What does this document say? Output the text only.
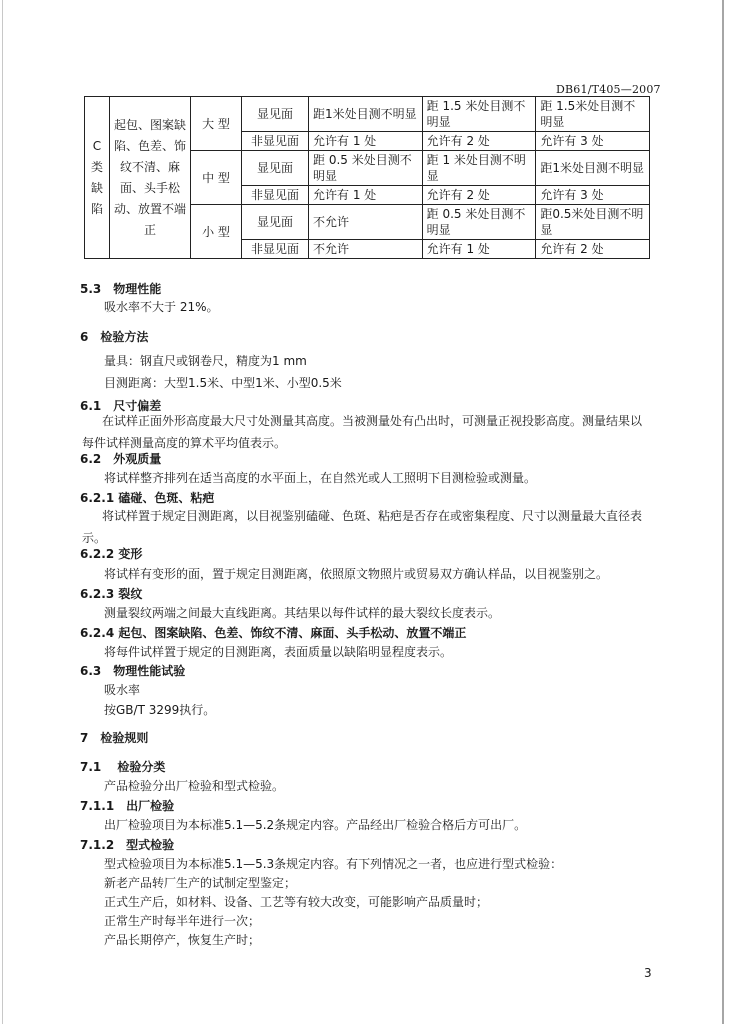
DB61/T405—2007
C 类缺陷	起包、图案缺陷、色差、饰纹不清、麻面、头手松动、放置不端正	大 型	显见面	距1米处目测不明显	距 1.5 米处目测不明显	距 1.5米处目测不明显
			非显见面	允许有 1 处	允许有 2 处	允许有 3 处
		中 型	显见面	距 0.5 米处目测不明显	距 1 米处目测不明显	距1米处目测不明显
			非显见面	允许有 1 处	允许有 2 处	允许有 3 处
		小 型	显见面	不允许	距 0.5 米处目测不明显	距0.5米处目测不明显
			非显见面	不允许	允许有 1 处	允许有 2 处
5.3　物理性能
吸水率不大于 21%。
6　检验方法
量具：钢直尺或钢卷尺，精度为1 mm
目测距离：大型1.5米、中型1米、小型0.5米
6.1　尺寸偏差
在试样正面外形高度最大尺寸处测量其高度。当被测量处有凸出时，可测量正视投影高度。测量结果以每件试样测量高度的算术平均值表示。
6.2　外观质量
将试样整齐排列在适当高度的水平面上，在自然光或人工照明下目测检验或测量。
6.2.1 磕碰、色斑、粘疤
将试样置于规定目测距离，以目视鉴别磕碰、色斑、粘疤是否存在或密集程度、尺寸以测量最大直径表示。
6.2.2 变形
将试样有变形的面，置于规定目测距离，依照原文物照片或贸易双方确认样品，以目视鉴别之。
6.2.3 裂纹
测量裂纹两端之间最大直线距离。其结果以每件试样的最大裂纹长度表示。
6.2.4 起包、图案缺陷、色差、饰纹不清、麻面、头手松动、放置不端正
将每件试样置于规定的目测距离，表面质量以缺陷明显程度表示。
6.3　物理性能试验
吸水率
按GB/T 3299执行。
7　检验规则
7.1　 检验分类
产品检验分出厂检验和型式检验。
7.1.1　出厂检验
出厂检验项目为本标准5.1—5.2条规定内容。产品经出厂检验合格后方可出厂。
7.1.2　型式检验
型式检验项目为本标准5.1—5.3条规定内容。有下列情况之一者，也应进行型式检验：
新老产品转厂生产的试制定型鉴定；
正式生产后，如材料、设备、工艺等有较大改变，可能影响产品质量时；
正常生产时每半年进行一次；
产品长期停产，恢复生产时；
3
